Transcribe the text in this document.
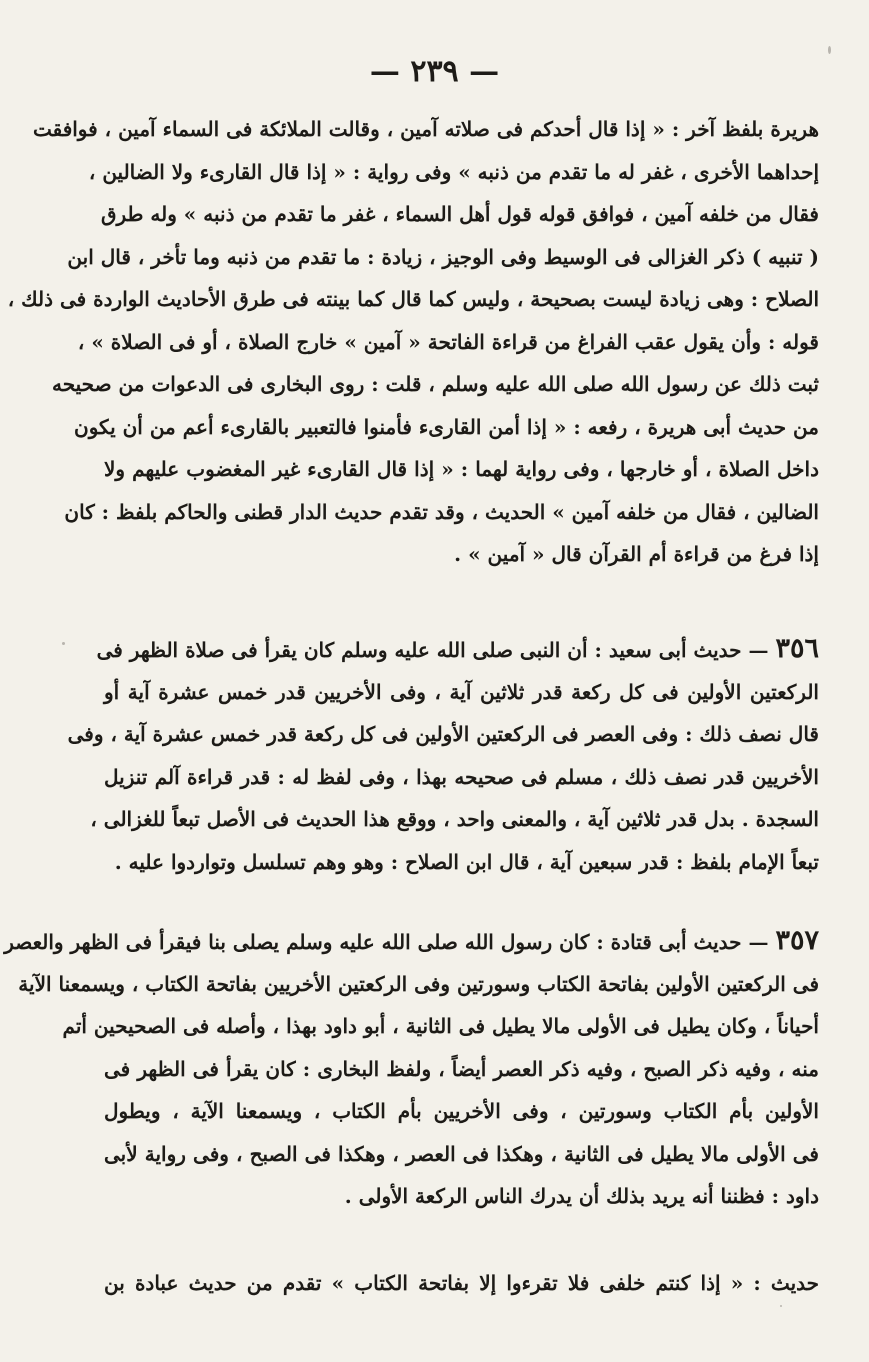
— ٢٣٩ —
هريرة بلفظ آخر : « إذا قال أحدكم فى صلاته آمين ، وقالت الملائكة فى السماء آمين ، فوافقت
إحداهما الأخرى ، غفر له ما تقدم من ذنبه » وفى رواية : « إذا قال القارىء ولا الضالين ،
فقال من خلفه آمين ، فوافق قوله قول أهل السماء ، غفر ما تقدم من ذنبه » وله طرق
( تنبيه ) ذكر الغزالى فى الوسيط وفى الوجيز ، زيادة : ما تقدم من ذنبه وما تأخر ، قال ابن
الصلاح : وهى زيادة ليست بصحيحة ، وليس كما قال كما بينته فى طرق الأحاديث الواردة فى ذلك ،
قوله : وأن يقول عقب الفراغ من قراءة الفاتحة « آمين » خارج الصلاة ، أو فى الصلاة » ،
ثبت ذلك عن رسول الله صلى الله عليه وسلم ، قلت : روى البخارى فى الدعوات من صحيحه
من حديث أبى هريرة ، رفعه : « إذا أمن القارىء فأمنوا فالتعبير بالقارىء أعم من أن يكون
داخل الصلاة ، أو خارجها ، وفى رواية لهما : « إذا قال القارىء غير المغضوب عليهم ولا
الضالين ، فقال من خلفه آمين » الحديث ، وقد تقدم حديث الدار قطنى والحاكم بلفظ : كان
إذا فرغ من قراءة أم القرآن قال « آمين » .
٣٥٦ — حديث أبى سعيد : أن النبى صلى الله عليه وسلم كان يقرأ فى صلاة الظهر فى
الركعتين الأولين فى كل ركعة قدر ثلاثين آية ، وفى الأخريين قدر خمس عشرة آية أو
قال نصف ذلك : وفى العصر فى الركعتين الأولين فى كل ركعة قدر خمس عشرة آية ، وفى
الأخريين قدر نصف ذلك ، مسلم فى صحيحه بهذا ، وفى لفظ له : قدر قراءة آلم تنزيل
السجدة . بدل قدر ثلاثين آية ، والمعنى واحد ، ووقع هذا الحديث فى الأصل تبعاً للغزالى ،
تبعاً الإمام بلفظ : قدر سبعين آية ، قال ابن الصلاح : وهو وهم تسلسل وتواردوا عليه .
٣٥٧ — حديث أبى قتادة : كان رسول الله صلى الله عليه وسلم يصلى بنا فيقرأ فى الظهر والعصر
فى الركعتين الأولين بفاتحة الكتاب وسورتين وفى الركعتين الأخريين بفاتحة الكتاب ، ويسمعنا الآية
أحياناً ، وكان يطيل فى الأولى مالا يطيل فى الثانية ، أبو داود بهذا ، وأصله فى الصحيحين أتم
منه ، وفيه ذكر الصبح ، وفيه ذكر العصر أيضاً ، ولفظ البخارى : كان يقرأ فى الظهر فى
الأولين بأم الكتاب وسورتين ، وفى الأخريين بأم الكتاب ، ويسمعنا الآية ، ويطول
فى الأولى مالا يطيل فى الثانية ، وهكذا فى العصر ، وهكذا فى الصبح ، وفى رواية لأبى
داود : فظننا أنه يريد بذلك أن يدرك الناس الركعة الأولى .
حديث : « إذا كنتم خلفى فلا تقرءوا إلا بفاتحة الكتاب » تقدم من حديث عبادة بن
